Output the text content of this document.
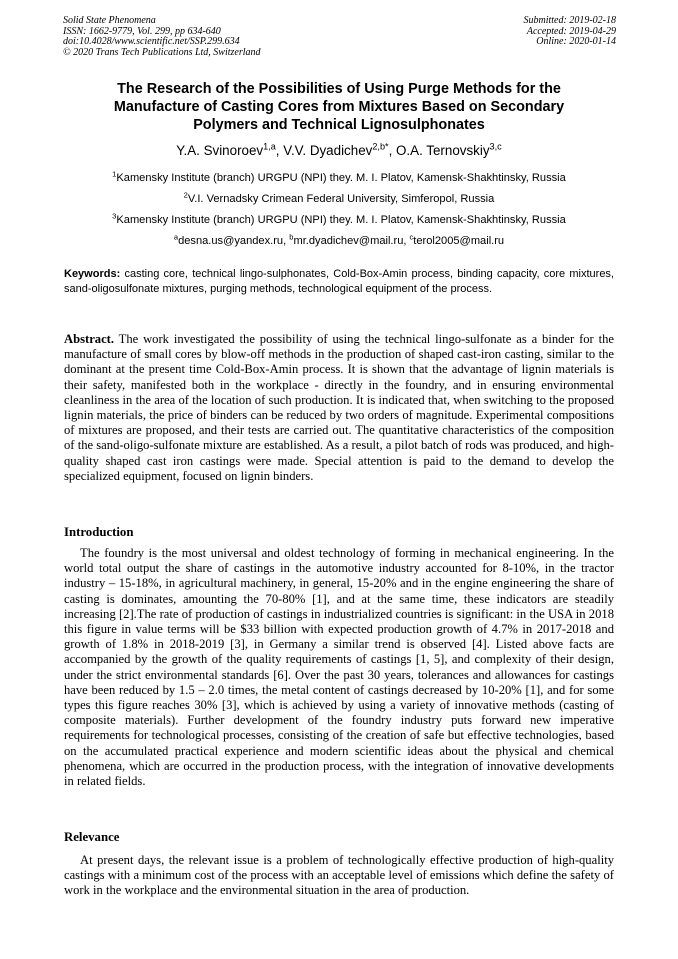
Solid State Phenomena
ISSN: 1662-9779, Vol. 299, pp 634-640
doi:10.4028/www.scientific.net/SSP.299.634
© 2020 Trans Tech Publications Ltd, Switzerland
Submitted: 2019-02-18
Accepted: 2019-04-29
Online: 2020-01-14
The Research of the Possibilities of Using Purge Methods for the
Manufacture of Casting Cores from Mixtures Based on Secondary
Polymers and Technical Lignosulphonates
Y.A. Svinoroev$^{1,a}$, V.V. Dyadichev$^{2,b*}$, O.A. Ternovskiy$^{3,c}$
$^1$Kamensky Institute (branch) URGPU (NPI) they. M. I. Platov, Kamensk-Shakhtinsky, Russia
$^2$V.I. Vernadsky Crimean Federal University, Simferopol, Russia
$^3$Kamensky Institute (branch) URGPU (NPI) they. M. I. Platov, Kamensk-Shakhtinsky, Russia
$^a$desna.us@yandex.ru, $^b$mr.dyadichev@mail.ru, $^c$terol2005@mail.ru
Keywords: casting core, technical lingo-sulphonates, Cold-Box-Amin process, binding capacity, core mixtures, sand-oligosulfonate mixtures, purging methods, technological equipment of the process.
Abstract. The work investigated the possibility of using the technical lingo-sulfonate as a binder for the manufacture of small cores by blow-off methods in the production of shaped cast-iron casting, similar to the dominant at the present time Cold-Box-Amin process. It is shown that the advantage of lignin materials is their safety, manifested both in the workplace - directly in the foundry, and in ensuring environmental cleanliness in the area of the location of such production. It is indicated that, when switching to the proposed lignin materials, the price of binders can be reduced by two orders of magnitude. Experimental compositions of mixtures are proposed, and their tests are carried out. The quantitative characteristics of the composition of the sand-oligo-sulfonate mixture are established. As a result, a pilot batch of rods was produced, and high-quality shaped cast iron castings were made. Special attention is paid to the demand to develop the specialized equipment, focused on lignin binders.
Introduction
The foundry is the most universal and oldest technology of forming in mechanical engineering. In the world total output the share of castings in the automotive industry accounted for 8-10%, in the tractor industry – 15-18%, in agricultural machinery, in general, 15-20% and in the engine engineering the share of casting is dominates, amounting the 70-80% [1], and at the same time, these indicators are steadily increasing [2].The rate of production of castings in industrialized countries is significant: in the USA in 2018 this figure in value terms will be $33 billion with expected production growth of 4.7% in 2017-2018 and growth of 1.8% in 2018-2019 [3], in Germany a similar trend is observed [4]. Listed above facts are accompanied by the growth of the quality requirements of castings [1, 5], and complexity of their design, under the strict environmental standards [6]. Over the past 30 years, tolerances and allowances for castings have been reduced by 1.5 – 2.0 times, the metal content of castings decreased by 10-20% [1], and for some types this figure reaches 30% [3], which is achieved by using a variety of innovative methods (casting of composite materials). Further development of the foundry industry puts forward new imperative requirements for technological processes, consisting of the creation of safe but effective technologies, based on the accumulated practical experience and modern scientific ideas about the physical and chemical phenomena, which are occurred in the production process, with the integration of innovative developments in related fields.
Relevance
At present days, the relevant issue is a problem of technologically effective production of high-quality castings with a minimum cost of the process with an acceptable level of emissions which define the safety of work in the workplace and the environmental situation in the area of production.
